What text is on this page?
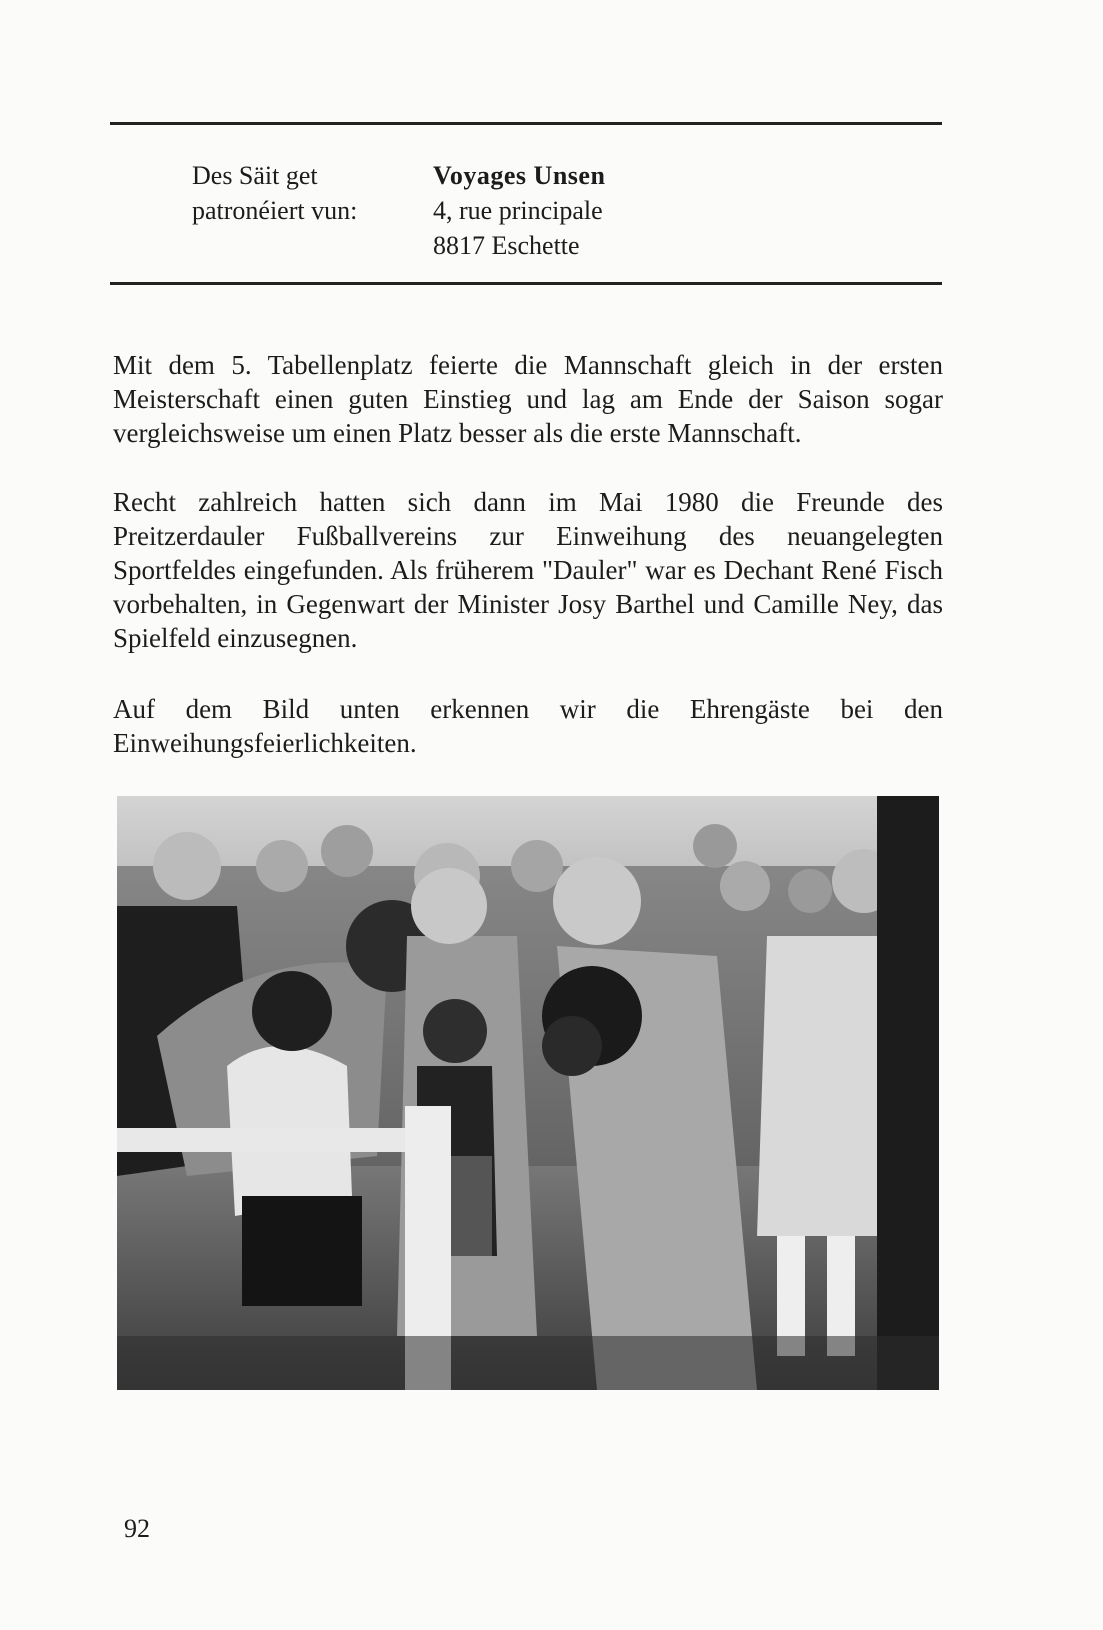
Des Säit get
patronéiert vun:
Voyages Unsen
4, rue principale
8817 Eschette

Mit dem 5. Tabellenplatz feierte die Mannschaft gleich in der ersten Meisterschaft einen guten Einstieg und lag am Ende der Saison sogar vergleichsweise um einen Platz besser als die erste Mannschaft.

Recht zahlreich hatten sich dann im Mai 1980 die Freunde des Preitzerdauler Fußballvereins zur Einweihung des neuangelegten Sportfeldes eingefunden. Als früherem "Dauler" war es Dechant René Fisch vorbehalten, in Gegenwart der Minister Josy Barthel und Camille Ney, das Spielfeld einzusegnen.

Auf dem Bild unten erkennen wir die Ehrengäste bei den Einweihungsfeierlichkeiten.

92
